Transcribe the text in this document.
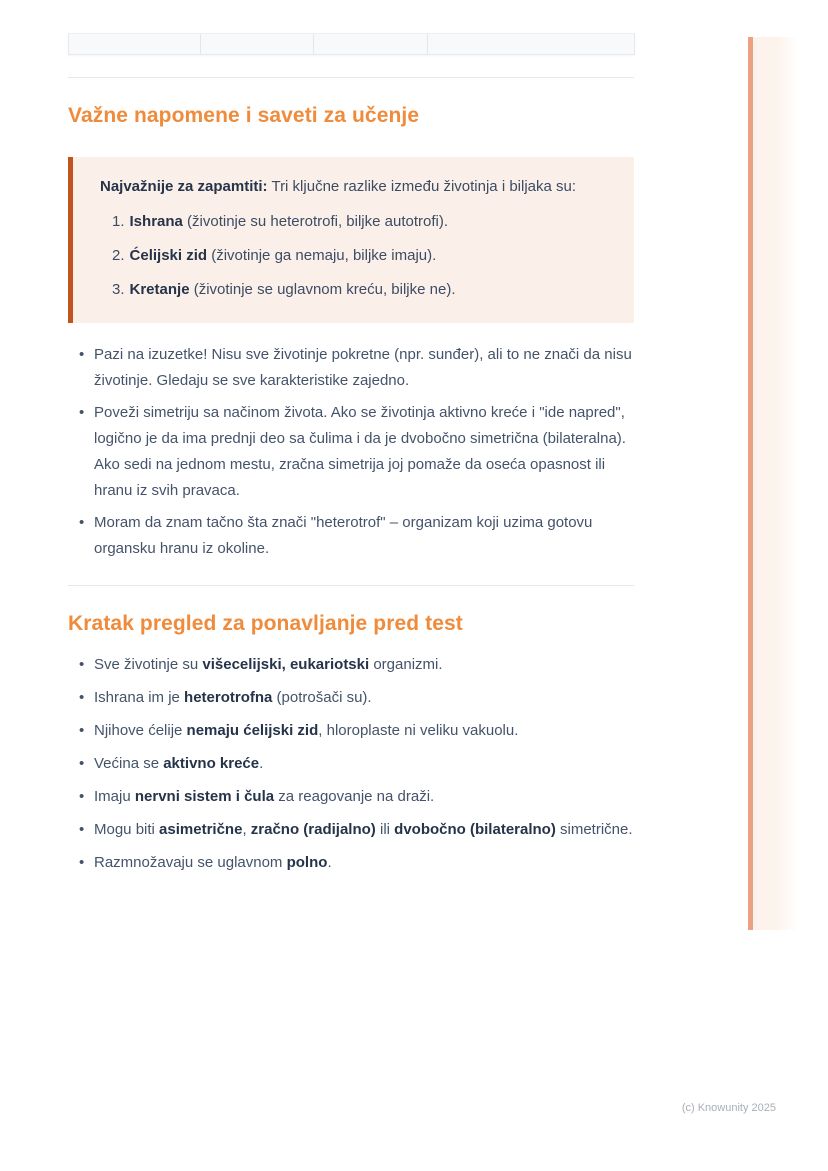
Važne napomene i saveti za učenje
Najvažnije za zapamtiti: Tri ključne razlike između životinja i biljaka su:
1. Ishrana (životinje su heterotrofi, biljke autotrofi).
2. Ćelijski zid (životinje ga nemaju, biljke imaju).
3. Kretanje (životinje se uglavnom kreću, biljke ne).
• Pazi na izuzetke! Nisu sve životinje pokretne (npr. sunđer), ali to ne znači da nisu životinje. Gledaju se sve karakteristike zajedno.
• Poveži simetriju sa načinom života. Ako se životinja aktivno kreće i "ide napred", logično je da ima prednji deo sa čulima i da je dvobočno simetrična (bilateralna). Ako sedi na jednom mestu, zračna simetrija joj pomaže da oseća opasnost ili hranu iz svih pravaca.
• Moram da znam tačno šta znači "heterotrof" – organizam koji uzima gotovu organsku hranu iz okoline.
Kratak pregled za ponavljanje pred test
• Sve životinje su višecelijski, eukariotski organizmi.
• Ishrana im je heterotrofna (potrošači su).
• Njihove ćelije nemaju ćelijski zid, hloroplaste ni veliku vakuolu.
• Većina se aktivno kreće.
• Imaju nervni sistem i čula za reagovanje na draži.
• Mogu biti asimetrične, zračno (radijalno) ili dvobočno (bilateralno) simetrične.
• Razmnožavaju se uglavnom polno.
(c) Knowunity 2025
